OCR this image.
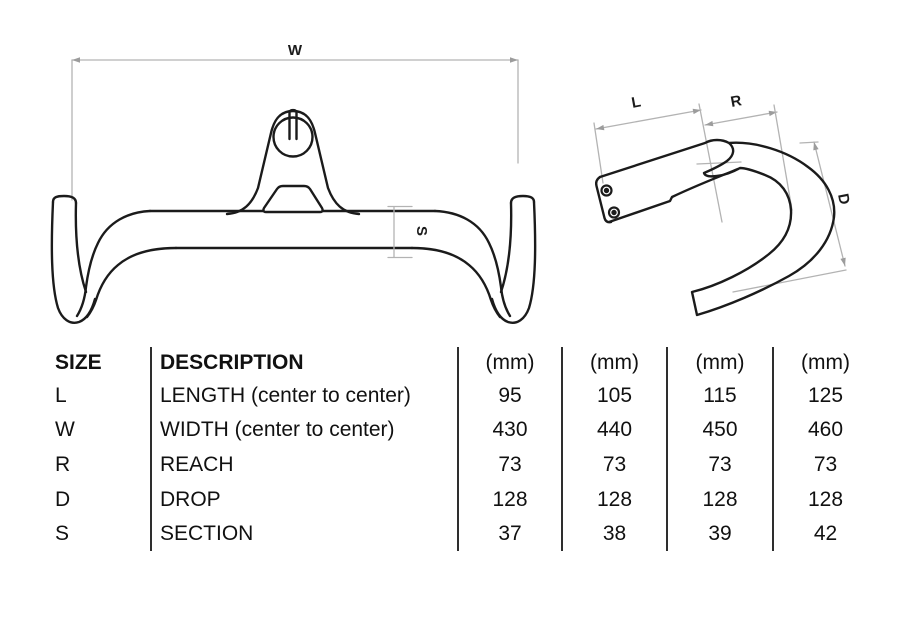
W
S
L	R
D
SIZE	DESCRIPTION	(mm)	(mm)	(mm)	(mm)
L	LENGTH (center to center)	95	105	115	125
W	WIDTH (center to center)	430	440	450	460
R	REACH	73	73	73	73
D	DROP	128	128	128	128
S	SECTION	37	38	39	42
